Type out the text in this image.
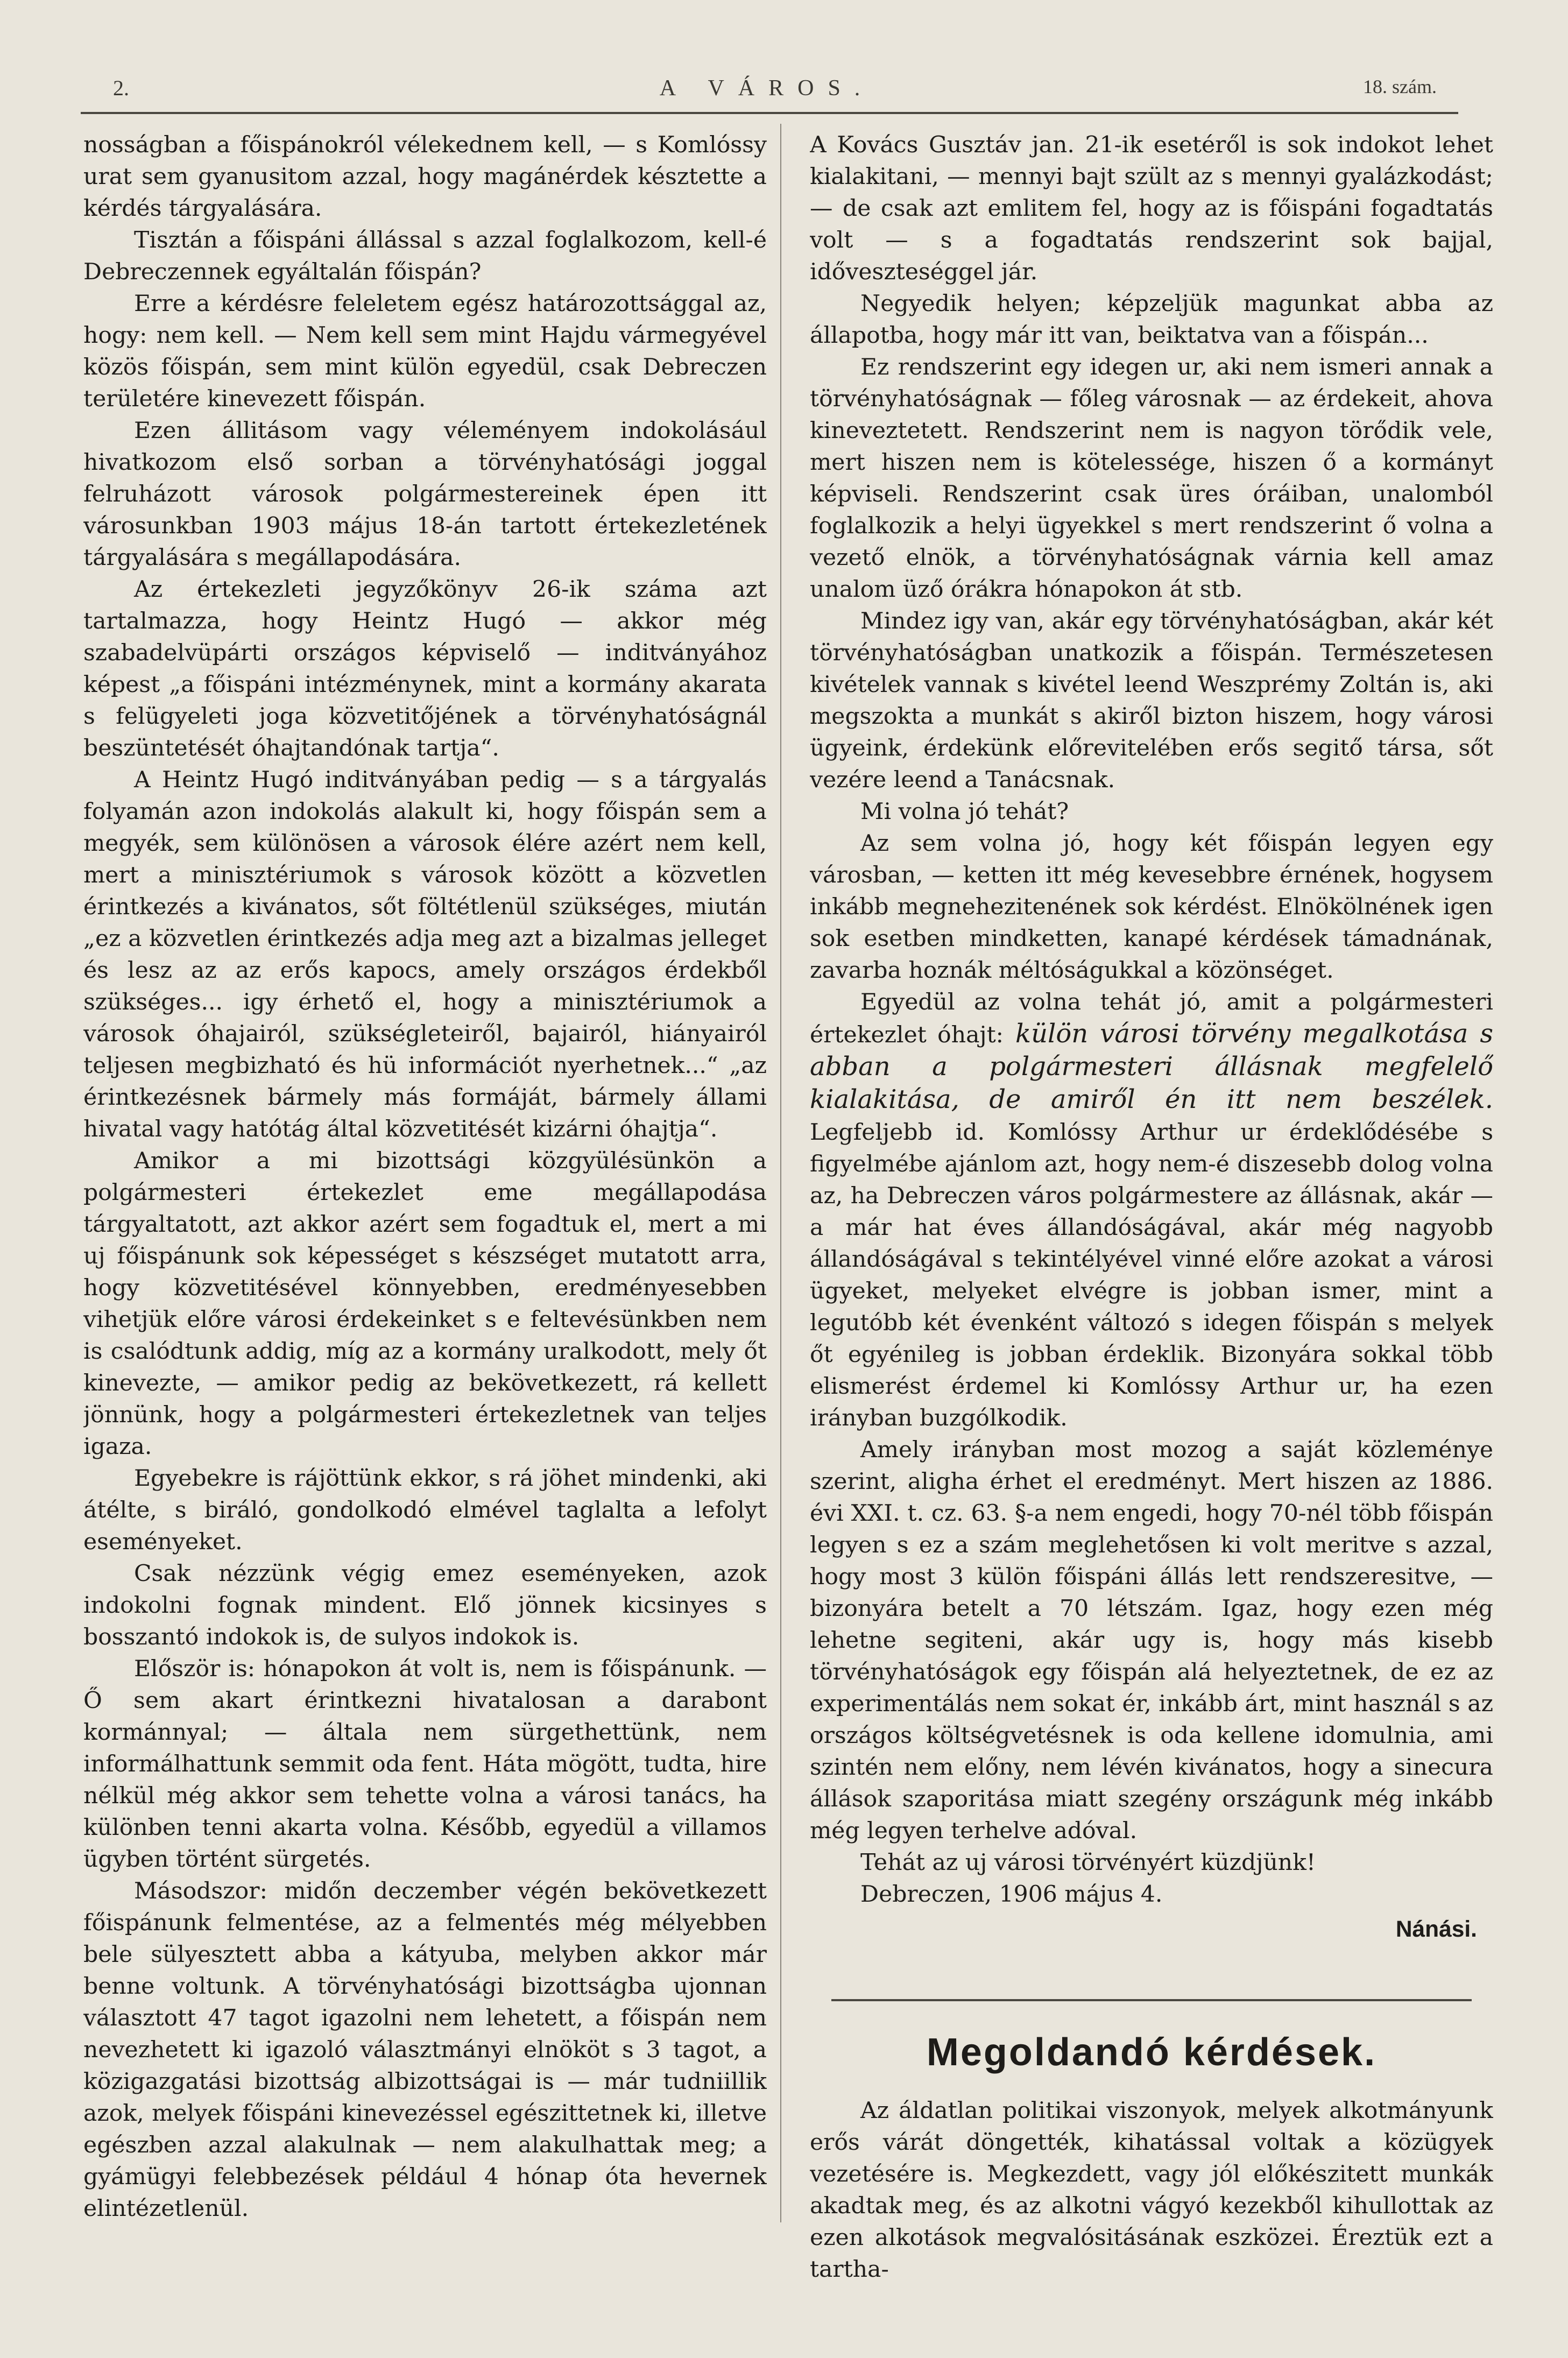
2.	A VÁROS.	18. szám.

nosságban a főispánokról vélekednem kell, — s Komlóssy urat sem gyanusitom azzal, hogy magánérdek késztette a kérdés tárgyalására.

Tisztán a főispáni állással s azzal foglalkozom, kell-é Debreczennek egyáltalán főispán?

Erre a kérdésre feleletem egész határozottsággal az, hogy: nem kell. — Nem kell sem mint Hajdu vármegyével közös főispán, sem mint külön egyedül, csak Debreczen területére kinevezett főispán.

Ezen állitásom vagy véleményem indokolásául hivatkozom első sorban a törvényhatósági joggal felruházott városok polgármestereinek épen itt városunkban 1903 május 18-án tartott értekezletének tárgyalására s megállapodására.

Az értekezleti jegyzőkönyv 26-ik száma azt tartalmazza, hogy Heintz Hugó — akkor még szabadelvüpárti országos képviselő — inditványához képest „a főispáni intézménynek, mint a kormány akarata s felügyeleti joga közvetitőjének a törvényhatóságnál beszüntetését óhajtandónak tartja“.

A Heintz Hugó inditványában pedig — s a tárgyalás folyamán azon indokolás alakult ki, hogy főispán sem a megyék, sem különösen a városok élére azért nem kell, mert a minisztériumok s városok között a közvetlen érintkezés a kivánatos, sőt föltétlenül szükséges, miután „ez a közvetlen érintkezés adja meg azt a bizalmas jelleget és lesz az az erős kapocs, amely országos érdekből szükséges... igy érhető el, hogy a minisztériumok a városok óhajairól, szükségleteiről, bajairól, hiányairól teljesen megbizható és hü információt nyerhetnek...“ „az érintkezésnek bármely más formáját, bármely állami hivatal vagy hatótág által közvetitését kizárni óhajtja“.

Amikor a mi bizottsági közgyülésünkön a polgármesteri értekezlet eme megállapodása tárgyaltatott, azt akkor azért sem fogadtuk el, mert a mi uj főispánunk sok képességet s készséget mutatott arra, hogy közvetitésével könnyebben, eredményesebben vihetjük előre városi érdekeinket s e feltevésünkben nem is csalódtunk addig, míg az a kormány uralkodott, mely őt kinevezte, — amikor pedig az bekövetkezett, rá kellett jönnünk, hogy a polgármesteri értekezletnek van teljes igaza.

Egyebekre is rájöttünk ekkor, s rá jöhet mindenki, aki átélte, s biráló, gondolkodó elmével taglalta a lefolyt eseményeket.

Csak nézzünk végig emez eseményeken, azok indokolni fognak mindent. Elő jönnek kicsinyes s bosszantó indokok is, de sulyos indokok is.

Először is: hónapokon át volt is, nem is főispánunk. — Ő sem akart érintkezni hivatalosan a darabont kormánnyal; — általa nem sürgethettünk, nem informálhattunk semmit oda fent. Háta mögött, tudta, hire nélkül még akkor sem tehette volna a városi tanács, ha különben tenni akarta volna. Később, egyedül a villamos ügyben történt sürgetés.

Másodszor: midőn deczember végén bekövetkezett főispánunk felmentése, az a felmentés még mélyebben bele sülyesztett abba a kátyuba, melyben akkor már benne voltunk. A törvényhatósági bizottságba ujonnan választott 47 tagot igazolni nem lehetett, a főispán nem nevezhetett ki igazoló választmányi elnököt s 3 tagot, a közigazgatási bizottság albizottságai is — már tudniillik azok, melyek főispáni kinevezéssel egészittetnek ki, illetve egészben azzal alakulnak — nem alakulhattak meg; a gyámügyi felebbezések például 4 hónap óta hevernek elintézetlenül.

A Kovács Gusztáv jan. 21-ik esetéről is sok indokot lehet kialakitani, — mennyi bajt szült az s mennyi gyalázkodást; — de csak azt emlitem fel, hogy az is főispáni fogadtatás volt — s a fogadtatás rendszerint sok bajjal, időveszteséggel jár.

Negyedik helyen; képzeljük magunkat abba az állapotba, hogy már itt van, beiktatva van a főispán...

Ez rendszerint egy idegen ur, aki nem ismeri annak a törvényhatóságnak — főleg városnak — az érdekeit, ahova kineveztetett. Rendszerint nem is nagyon törődik vele, mert hiszen nem is kötelessége, hiszen ő a kormányt képviseli. Rendszerint csak üres óráiban, unalomból foglalkozik a helyi ügyekkel s mert rendszerint ő volna a vezető elnök, a törvényhatóságnak várnia kell amaz unalom üző órákra hónapokon át stb.

Mindez igy van, akár egy törvényhatóságban, akár két törvényhatóságban unatkozik a főispán. Természetesen kivételek vannak s kivétel leend Weszprémy Zoltán is, aki megszokta a munkát s akiről bizton hiszem, hogy városi ügyeink, érdekünk előrevitelében erős segitő társa, sőt vezére leend a Tanácsnak.

Mi volna jó tehát?

Az sem volna jó, hogy két főispán legyen egy városban, — ketten itt még kevesebbre érnének, hogysem inkább megnehezitenének sok kérdést. Elnökölnének igen sok esetben mindketten, kanapé kérdések támadnának, zavarba hoznák méltóságukkal a közönséget.

Egyedül az volna tehát jó, amit a polgármesteri értekezlet óhajt: külön városi törvény megalkotása s abban a polgármesteri állásnak megfelelő kialakitása, de amiről én itt nem beszélek. Legfeljebb id. Komlóssy Arthur ur érdeklődésébe s figyelmébe ajánlom azt, hogy nem-é diszesebb dolog volna az, ha Debreczen város polgármestere az állásnak, akár — a már hat éves állandóságával, akár még nagyobb állandóságával s tekintélyével vinné előre azokat a városi ügyeket, melyeket elvégre is jobban ismer, mint a legutóbb két évenként változó s idegen főispán s melyek őt egyénileg is jobban érdeklik. Bizonyára sokkal több elismerést érdemel ki Komlóssy Arthur ur, ha ezen irányban buzgólkodik.

Amely irányban most mozog a saját közleménye szerint, aligha érhet el eredményt. Mert hiszen az 1886. évi XXI. t. cz. 63. §-a nem engedi, hogy 70-nél több főispán legyen s ez a szám meglehetősen ki volt meritve s azzal, hogy most 3 külön főispáni állás lett rendszeresitve, — bizonyára betelt a 70 létszám. Igaz, hogy ezen még lehetne segiteni, akár ugy is, hogy más kisebb törvényhatóságok egy főispán alá helyeztetnek, de ez az experimentálás nem sokat ér, inkább árt, mint használ s az országos költségvetésnek is oda kellene idomulnia, ami szintén nem előny, nem lévén kivánatos, hogy a sinecura állások szaporitása miatt szegény országunk még inkább még legyen terhelve adóval.

Tehát az uj városi törvényért küzdjünk!

Debreczen, 1906 május 4.

Nánási.
Megoldandó kérdések.

Az áldatlan politikai viszonyok, melyek alkotmányunk erős várát döngették, kihatással voltak a közügyek vezetésére is. Megkezdett, vagy jól előkészitett munkák akadtak meg, és az alkotni vágyó kezekből kihullottak az ezen alkotások megvalósitásának eszközei. Éreztük ezt a tartha-
